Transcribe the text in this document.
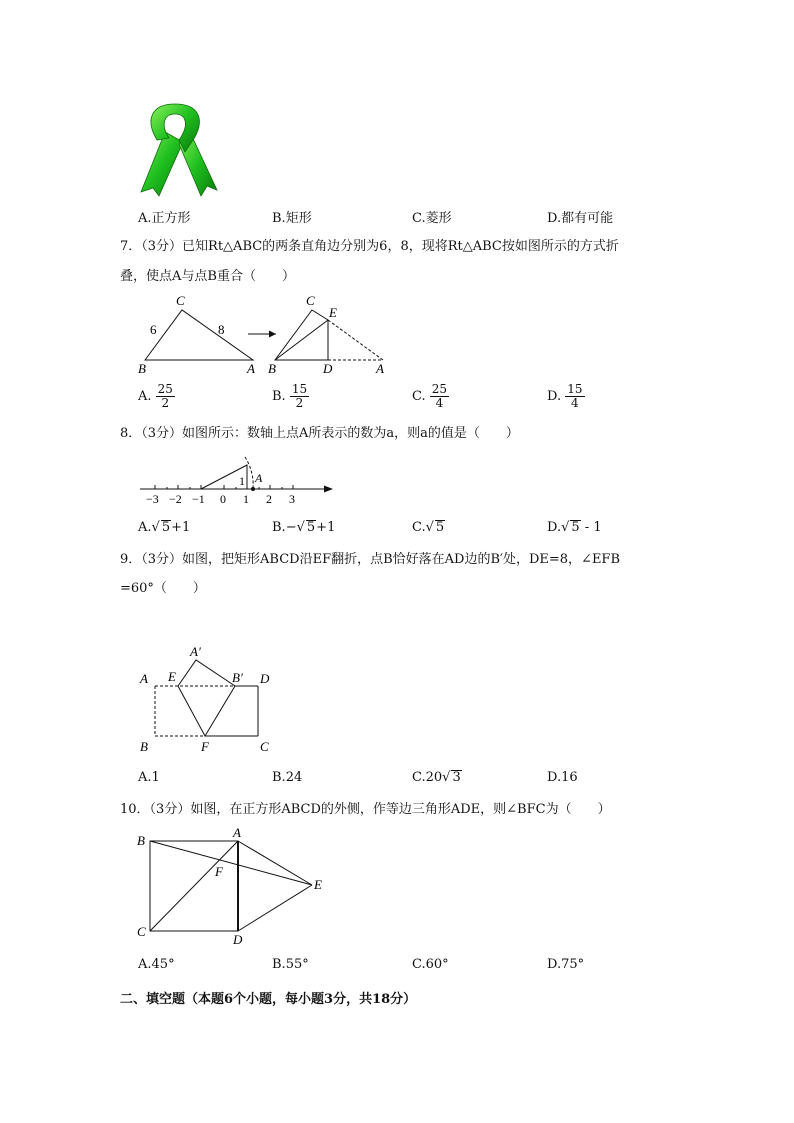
A.正方形	B.矩形	C.菱形	D.都有可能
7．（3分）已知Rt△ABC的两条直角边分别为6，8，现将Rt△ABC按如图所示的方式折
叠，使点A与点B重合（　　）
C
6	8
B	A
C
E
B	D	A
A. $\frac{25}{2}$	B. $\frac{15}{2}$	C. $\frac{25}{4}$	D. $\frac{15}{4}$
8．（3分）如图所示：数轴上点A所表示的数为a，则a的值是（　　）
1 A
−3 −2 −1 0 1 2 3
A.√ 5+1	B.−√ 5+1	C.√ 5	D.√ 5 - 1
9．（3分）如图，把矩形ABCD沿EF翻折，点B恰好落在AD边的B′处，DE=8，∠EFB
=60°（　　）
A′
A E	B′ D
B	F	C
A.1	B.24	C.20√ 3	D.16
10．（3分）如图，在正方形ABCD的外侧，作等边三角形ADE，则∠BFC为（　　）
B
A
F
E
C
D
A.45°	B.55°	C.60°	D.75°
二、填空题（本题6个小题，每小题3分，共18分）
